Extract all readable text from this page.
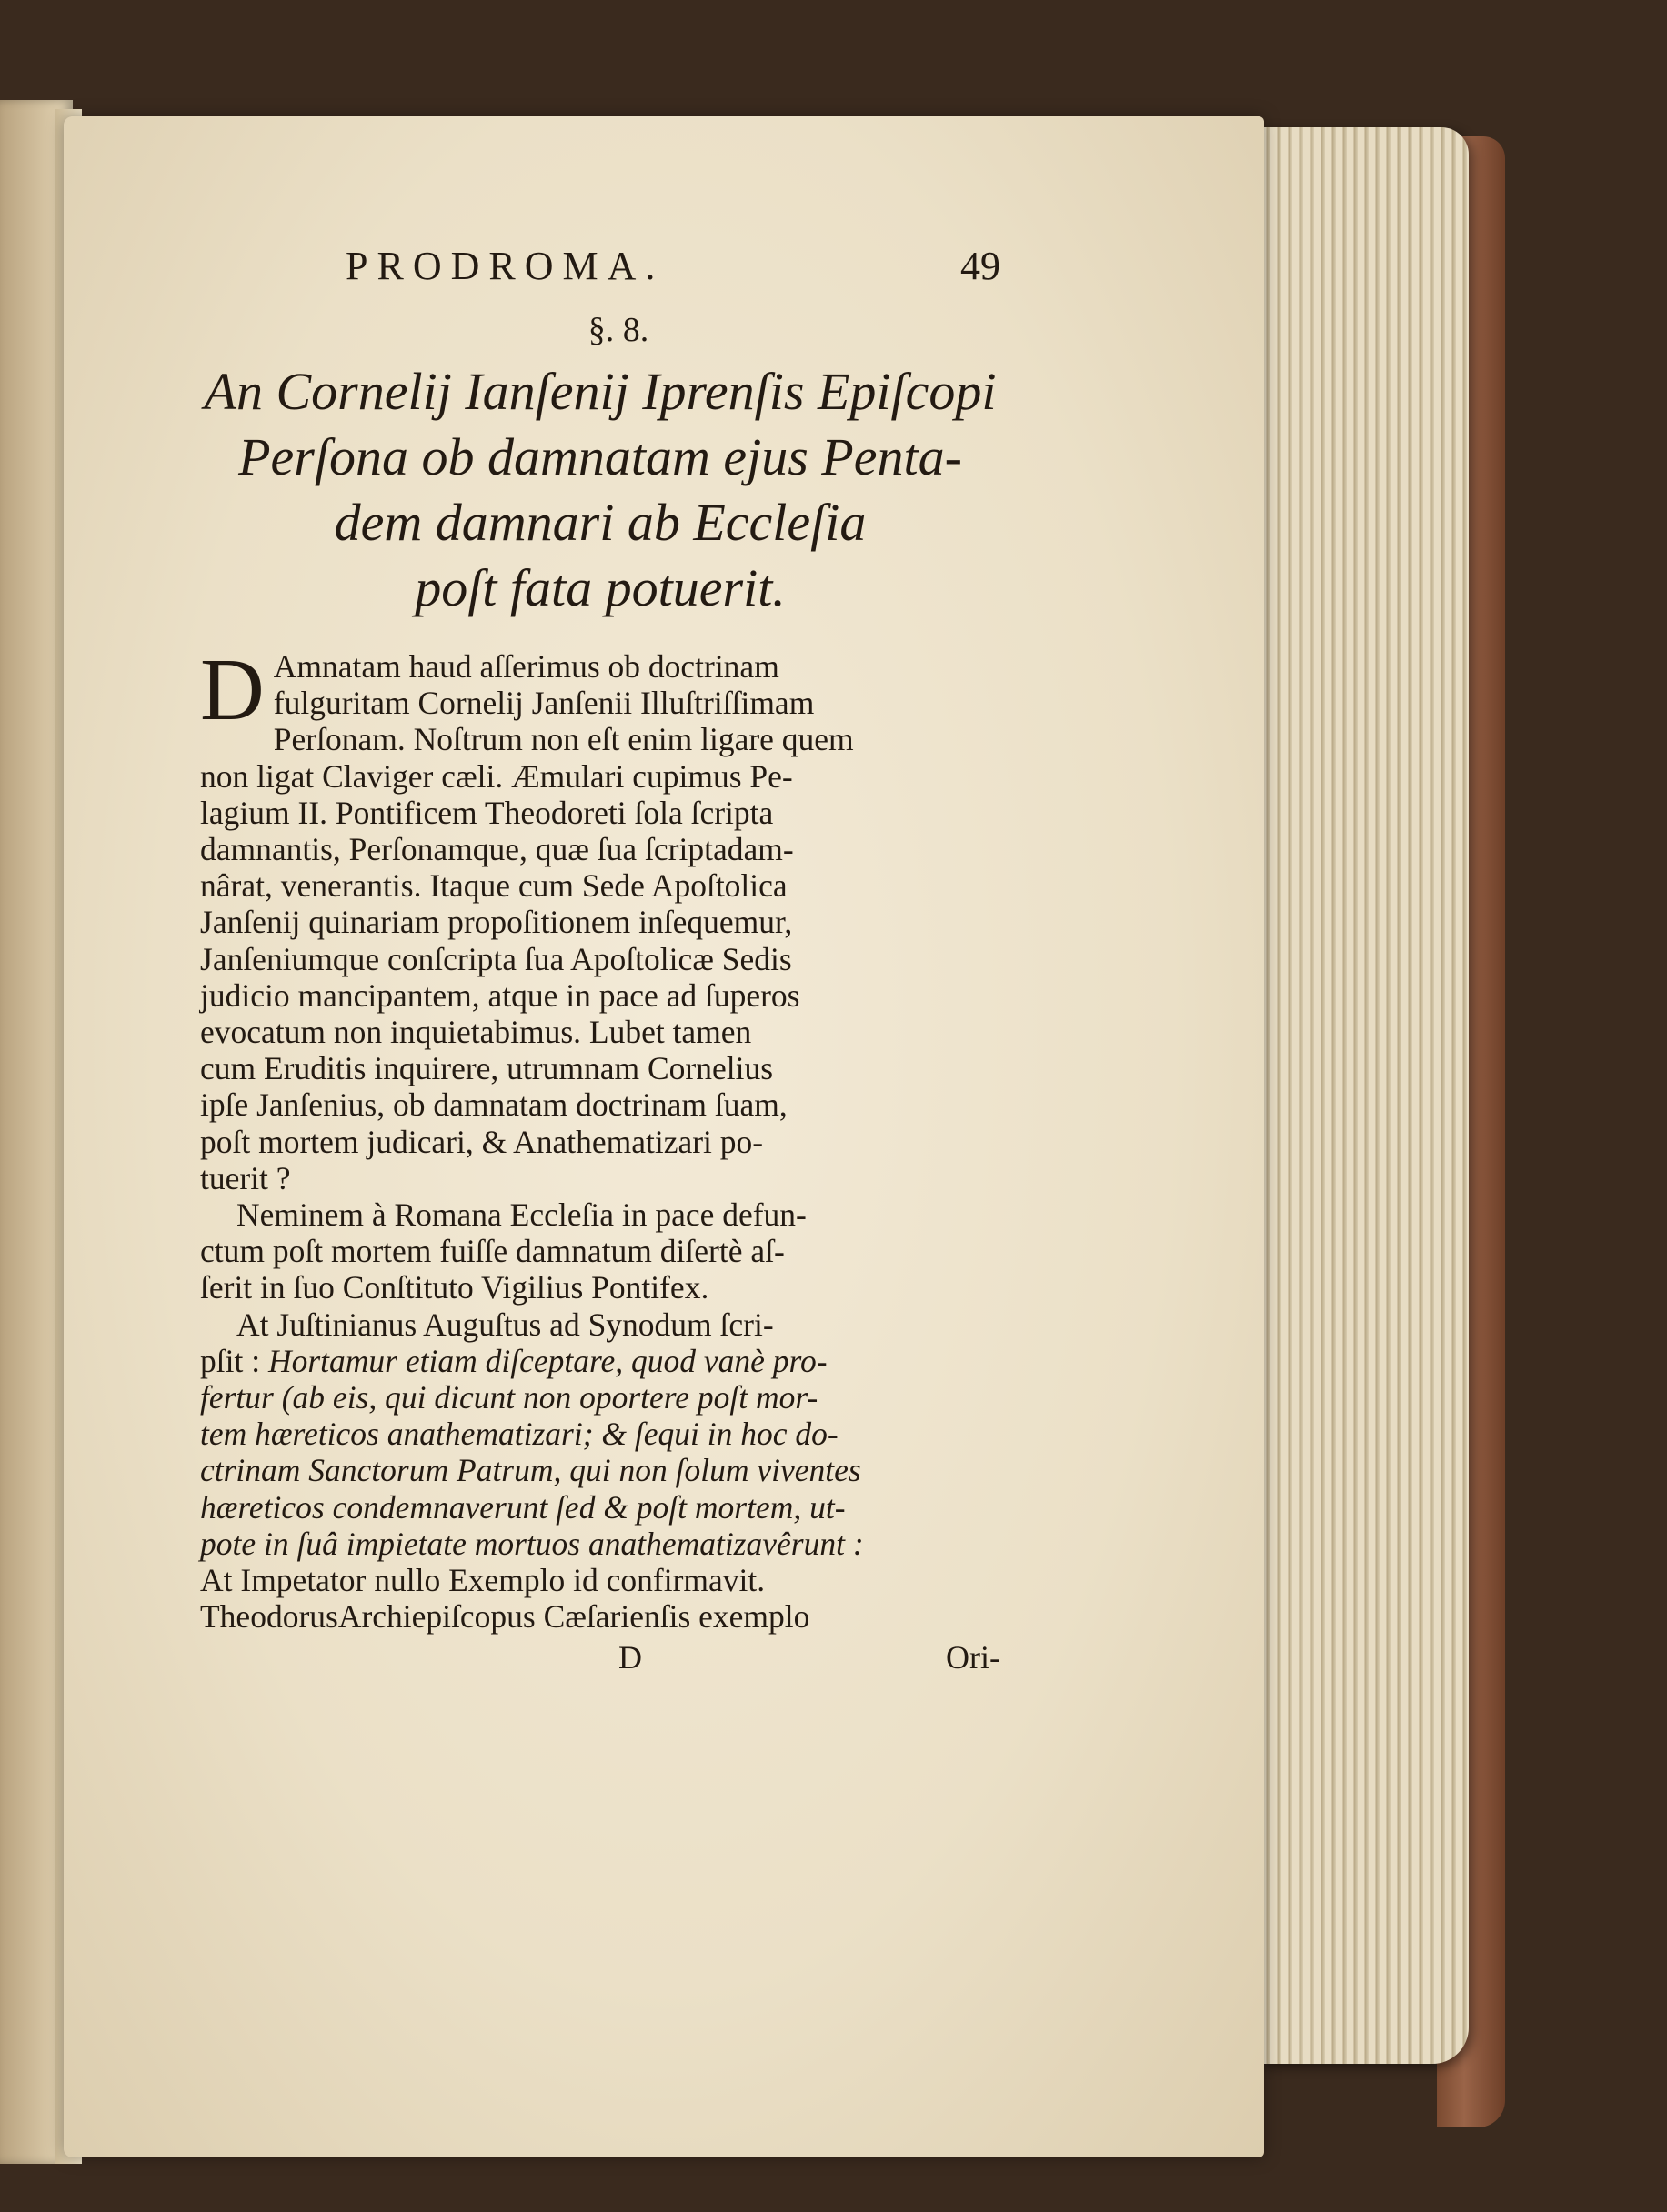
PRODROMA.	49
§. 8.
An Cornelij Ianſenij Iprenſis Epiſcopi
Perſona ob damnatam ejus Penta-
dem damnari ab Eccleſia
poſt fata potuerit.
D Amnatam haud aſſerimus ob doctrinam
fulguritam Cornelij Janſenii Illuſtriſſimam
Perſonam. Noſtrum non eſt enim ligare quem
non ligat Claviger cæli. Æmulari cupimus Pe-
lagium II. Pontificem Theodoreti ſola ſcripta
damnantis, Perſonamque, quæ ſua ſcriptadam-
nârat, venerantis. Itaque cum Sede Apoſtolica
Janſenij quinariam propoſitionem inſequemur,
Janſeniumque conſcripta ſua Apoſtolicæ Sedis
judicio mancipantem, atque in pace ad ſuperos
evocatum non inquietabimus. Lubet tamen
cum Eruditis inquirere, utrumnam Cornelius
ipſe Janſenius, ob damnatam doctrinam ſuam,
poſt mortem judicari, & Anathematizari po-
tuerit ?
Neminem à Romana Eccleſia in pace defun-
ctum poſt mortem fuiſſe damnatum diſertè aſ-
ſerit in ſuo Conſtituto Vigilius Pontifex.
At Juſtinianus Auguſtus ad Synodum ſcri-
pſit : Hortamur etiam diſceptare, quod vanè pro-
fertur (ab eis, qui dicunt non oportere poſt mor-
tem hæreticos anathematizari; & ſequi in hoc do-
ctrinam Sanctorum Patrum, qui non ſolum viventes
hæreticos condemnaverunt ſed & poſt mortem, ut-
pote in ſuâ impietate mortuos anathematizavêrunt :
At Impetator nullo Exemplo id confirmavit.
TheodorusArchiepiſcopus Cæſarienſis exemplo
D	Ori-
